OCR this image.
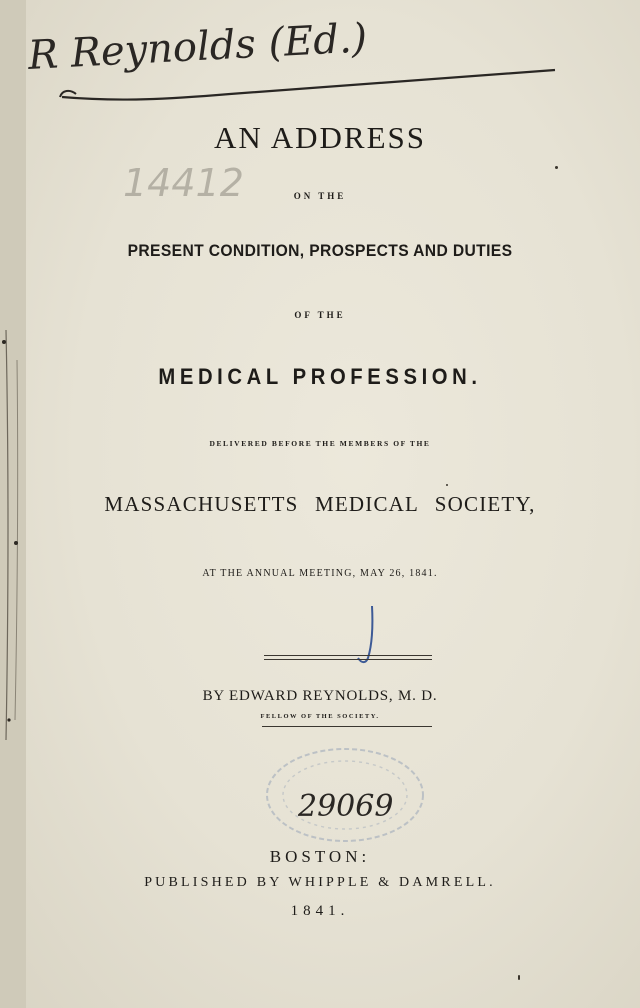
R Reynolds (Ed.)
14412
AN ADDRESS
ON THE
PRESENT CONDITION, PROSPECTS AND DUTIES
OF THE
MEDICAL PROFESSION.
DELIVERED BEFORE THE MEMBERS OF THE
MASSACHUSETTS MEDICAL SOCIETY,
AT THE ANNUAL MEETING, MAY 26, 1841.
BY EDWARD REYNOLDS, M. D.
FELLOW OF THE SOCIETY.
29069
BOSTON:
PUBLISHED BY WHIPPLE & DAMRELL.
1841.
